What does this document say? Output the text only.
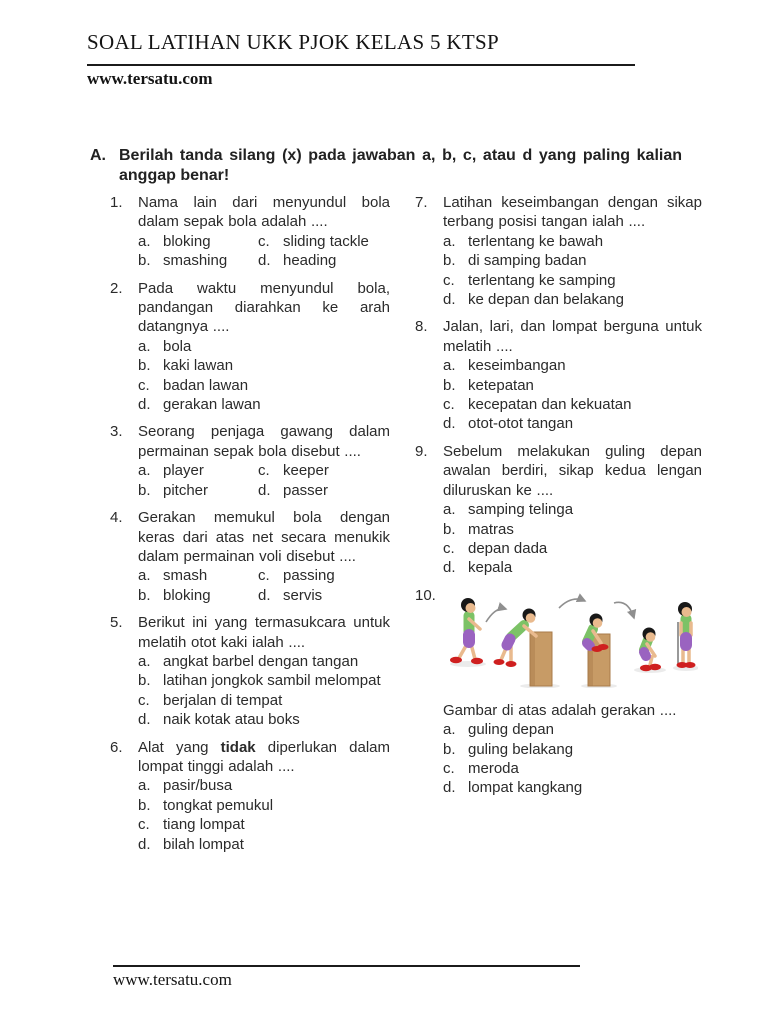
SOAL LATIHAN UKK PJOK KELAS 5 KTSP
www.tersatu.com
A. Berilah tanda silang (x) pada jawaban a, b, c, atau d yang paling kalian anggap benar!
1.	Nama lain dari menyundul bola dalam sepak bola adalah ....

a. bloking	c. sliding tackle
b. smashing d. heading
2.	Pada waktu menyundul bola, pandangan diarahkan ke arah datangnya ....

a. bola
b. kaki lawan
c. badan lawan
d. gerakan lawan
3.	Seorang penjaga gawang dalam permainan sepak bola disebut ....

a. player	c. keeper
b. pitcher	d. passer
4.	Gerakan memukul bola dengan keras dari atas net secara menukik dalam permainan voli disebut ....

a. smash	c. passing
b. bloking	d. servis
5.	Berikut ini yang termasukcara untuk melatih otot kaki ialah ....

a. angkat barbel dengan tangan
b. latihan jongkok sambil melompat
c. berjalan di tempat
d. naik kotak atau boks
6.	Alat yang tidak diperlukan dalam lompat tinggi adalah ....

a. pasir/busa
b. tongkat pemukul
c. tiang lompat
d. bilah lompat
7.	Latihan keseimbangan dengan sikap terbang posisi tangan ialah ....

a. terlentang ke bawah
b. di samping badan
c. terlentang ke samping
d. ke depan dan belakang
8.	Jalan, lari, dan lompat berguna untuk melatih ....

a. keseimbangan
b. ketepatan
c. kecepatan dan kekuatan
d. otot-otot tangan
9.	Sebelum melakukan guling depan awalan berdiri, sikap kedua lengan diluruskan ke ....

a. samping telinga
b. matras
c. depan dada
d. kepala
10.

Gambar di atas adalah gerakan ....

a. guling depan
b. guling belakang
c. meroda
d. lompat kangkang
www.tersatu.com
